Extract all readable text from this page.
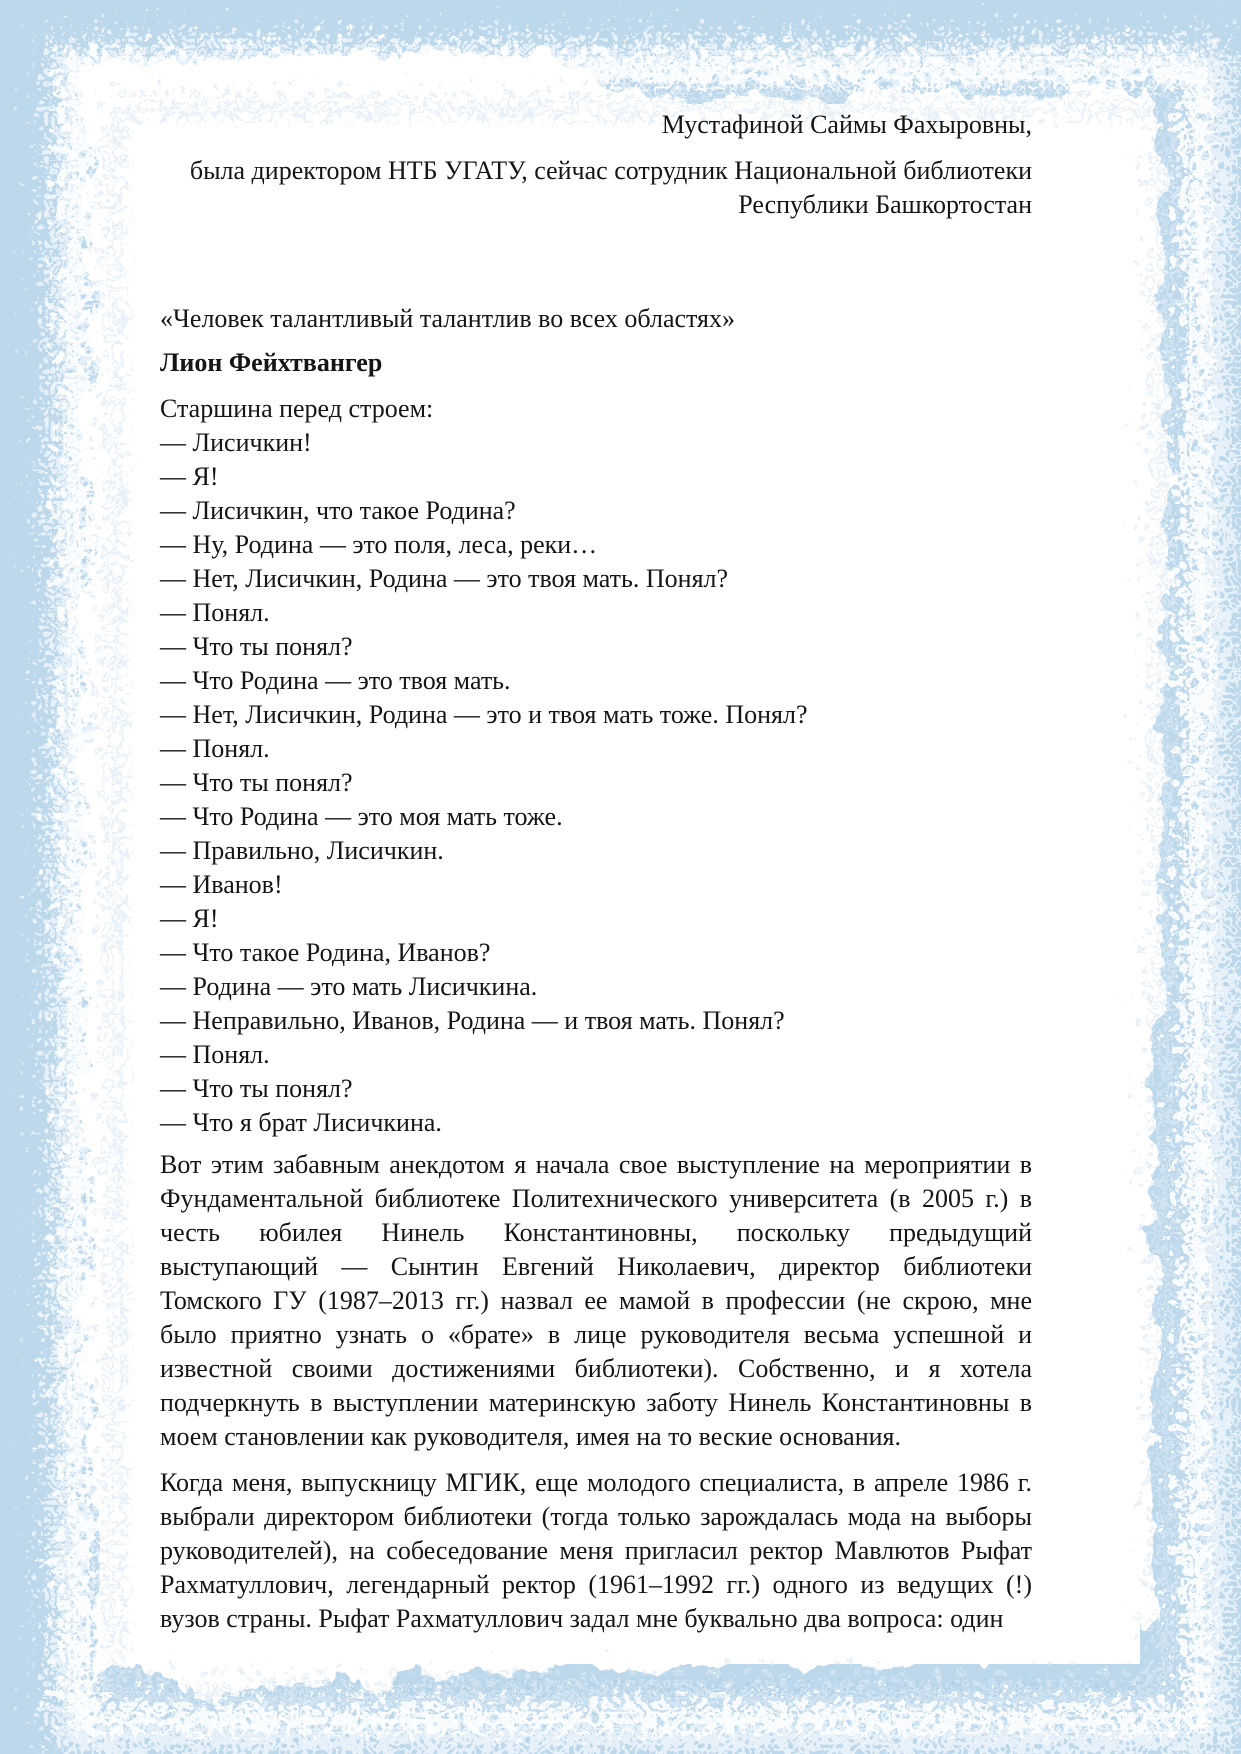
Мустафиной Саймы Фахыровны,
была директором НТБ УГАТУ, сейчас сотрудник Национальной библиотеки
Республики Башкортостан
«Человек талантливый талантлив во всех областях»
Лион Фейхтвангер
Старшина перед строем:
— Лисичкин!
— Я!
— Лисичкин, что такое Родина?
— Ну, Родина — это поля, леса, реки…
— Нет, Лисичкин, Родина — это твоя мать. Понял?
— Понял.
— Что ты понял?
— Что Родина — это твоя мать.
— Нет, Лисичкин, Родина — это и твоя мать тоже. Понял?
— Понял.
— Что ты понял?
— Что Родина — это моя мать тоже.
— Правильно, Лисичкин.
— Иванов!
— Я!
— Что такое Родина, Иванов?
— Родина — это мать Лисичкина.
— Неправильно, Иванов, Родина — и твоя мать. Понял?
— Понял.
— Что ты понял?
— Что я брат Лисичкина.

Вот этим забавным анекдотом я начала свое выступление на мероприятии в Фундаментальной библиотеке Политехнического университета (в 2005 г.) в честь юбилея Нинель Константиновны, поскольку предыдущий выступающий — Сынтин Евгений Николаевич, директор библиотеки Томского ГУ (1987–2013 гг.) назвал ее мамой в профессии (не скрою, мне было приятно узнать о «брате» в лице руководителя весьма успешной и известной своими достижениями библиотеки). Собственно, и я хотела подчеркнуть в выступлении материнскую заботу Нинель Константиновны в моем становлении как руководителя, имея на то веские основания.

Когда меня, выпускницу МГИК, еще молодого специалиста, в апреле 1986 г. выбрали директором библиотеки (тогда только зарождалась мода на выборы руководителей), на собеседование меня пригласил ректор Мавлютов Рыфат Рахматуллович, легендарный ректор (1961–1992 гг.) одного из ведущих (!) вузов страны. Рыфат Рахматуллович задал мне буквально два вопроса: один
